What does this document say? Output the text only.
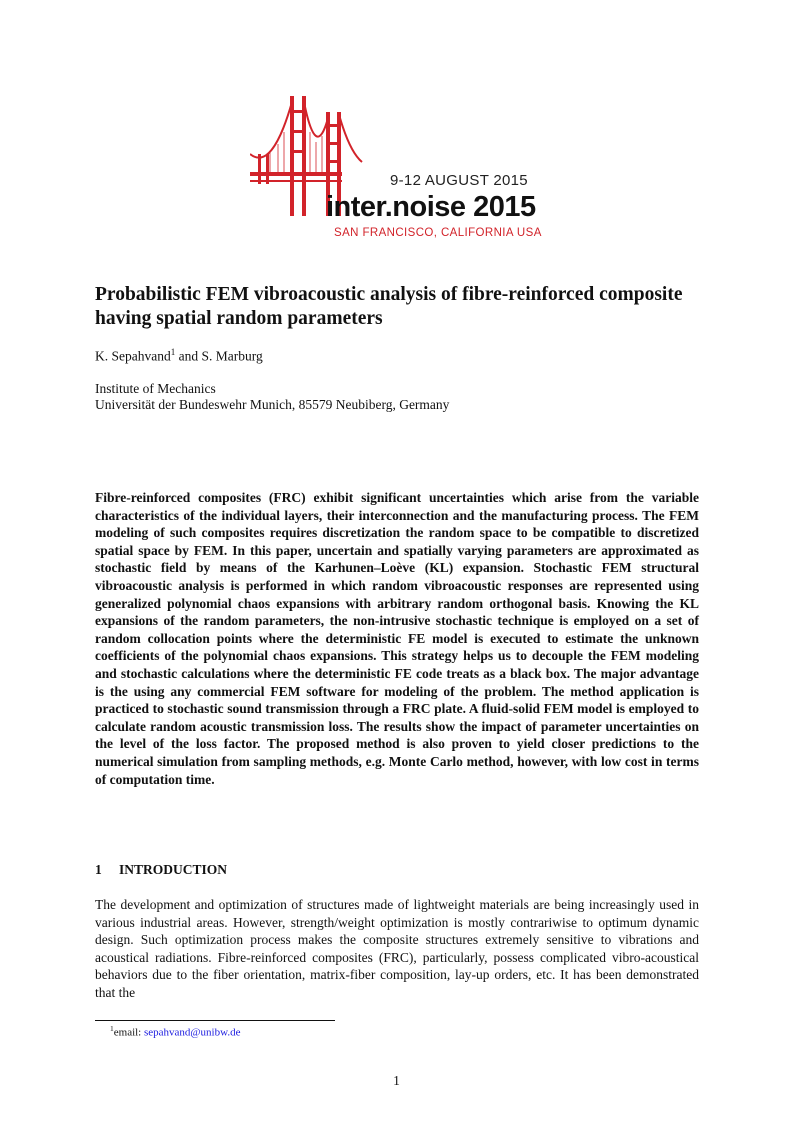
9-12 AUGUST 2015
inter.noise 2015
SAN FRANCISCO, CALIFORNIA USA
Probabilistic FEM vibroacoustic analysis of fibre-reinforced composite having spatial random parameters

K. Sepahvand$^1$ and S. Marburg

Institute of Mechanics
Universität der Bundeswehr Munich, 85579 Neubiberg, Germany

Fibre-reinforced composites (FRC) exhibit significant uncertainties which arise from the variable characteristics of the individual layers, their interconnection and the manufacturing process. The FEM modeling of such composites requires discretization the random space to be compatible to discretized spatial space by FEM. In this paper, uncertain and spatially varying parameters are approximated as stochastic field by means of the Karhunen–Loève (KL) expansion. Stochastic FEM structural vibroacoustic analysis is performed in which random vibroacoustic responses are represented using generalized polynomial chaos expansions with arbitrary random orthogonal basis. Knowing the KL expansions of the random parameters, the non-intrusive stochastic technique is employed on a set of random collocation points where the deterministic FE model is executed to estimate the unknown coefficients of the polynomial chaos expansions. This strategy helps us to decouple the FEM modeling and stochastic calculations where the deterministic FE code treats as a black box. The major advantage is the using any commercial FEM software for modeling of the problem. The method application is practiced to stochastic sound transmission through a FRC plate. A fluid-solid FEM model is employed to calculate random acoustic transmission loss. The results show the impact of parameter uncertainties on the level of the loss factor. The proposed method is also proven to yield closer predictions to the numerical simulation from sampling methods, e.g. Monte Carlo method, however, with low cost in terms of computation time.

1 INTRODUCTION

The development and optimization of structures made of lightweight materials are being increasingly used in various industrial areas. However, strength/weight optimization is mostly contrariwise to optimum dynamic design. Such optimization process makes the composite structures extremely sensitive to vibrations and acoustical radiations. Fibre-reinforced composites (FRC), particularly, possess complicated vibro-acoustical behaviors due to the fiber orientation, matrix-fiber composition, lay-up orders, etc. It has been demonstrated that the

$^1$email: sepahvand@unibw.de

1
